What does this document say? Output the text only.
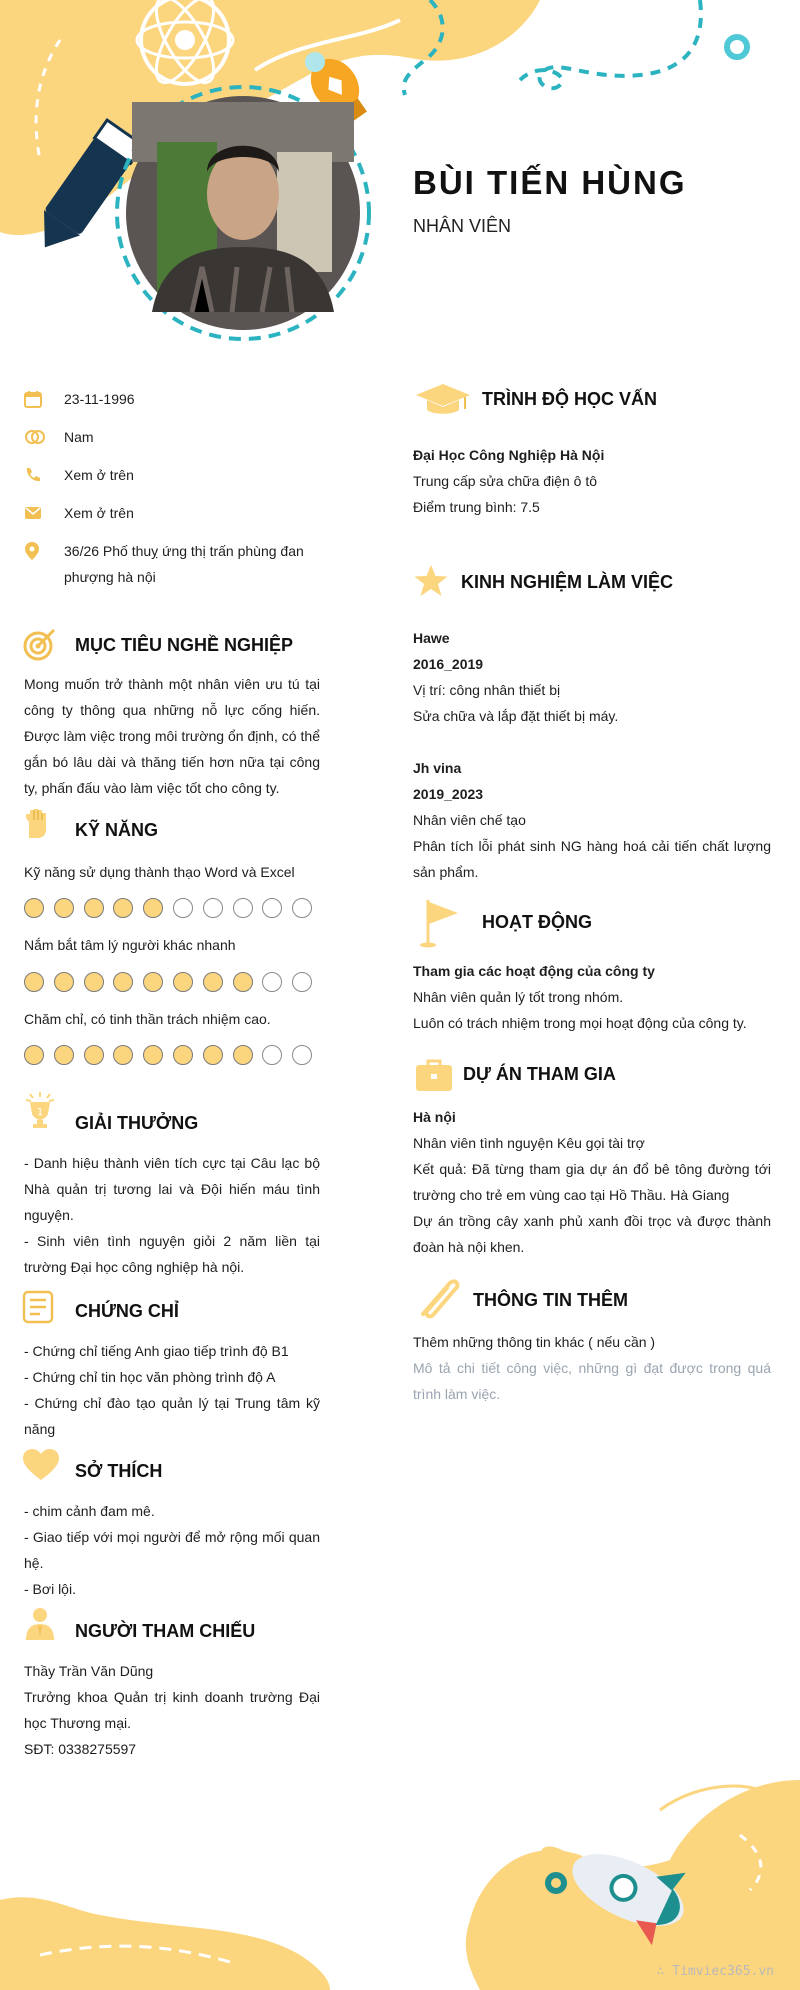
BÙI TIẾN HÙNG
NHÂN VIÊN
23-11-1996
Nam
Xem ở trên
Xem ở trên
36/26 Phố thuỵ ứng thị trấn phùng đan phượng hà nội
MỤC TIÊU NGHỀ NGHIỆP
Mong muốn trở thành một nhân viên ưu tú tại công ty thông qua những nỗ lực cống hiến. Được làm việc trong môi trường ổn định, có thể gắn bó lâu dài và thăng tiến hơn nữa tại công ty, phấn đấu vào làm việc tốt cho công ty.
KỸ NĂNG
Kỹ năng sử dụng thành thạo Word và Excel
Nắm bắt tâm lý người khác nhanh
Chăm chỉ, có tinh thần trách nhiệm cao.
1
GIẢI THƯỞNG
- Danh hiệu thành viên tích cực tại Câu lạc bộ Nhà quản trị tương lai và Đội hiến máu tình nguyện.
- Sinh viên tình nguyện giỏi 2 năm liền tại trường Đại học công nghiệp hà nội.
CHỨNG CHỈ
- Chứng chỉ tiếng Anh giao tiếp trình độ B1
- Chứng chỉ tin học văn phòng trình độ A
- Chứng chỉ đào tạo quản lý tại Trung tâm kỹ năng
SỞ THÍCH
- chim cảnh đam mê.
- Giao tiếp với mọi người để mở rộng mối quan hệ.
- Bơi lội.
NGƯỜI THAM CHIẾU
Thầy Trần Văn Dũng
Trưởng khoa Quản trị kinh doanh trường Đại học Thương mại.
SĐT: 0338275597
TRÌNH ĐỘ HỌC VẤN
Đại Học Công Nghiệp Hà Nội
Trung cấp sửa chữa điện ô tô
Điểm trung bình: 7.5
KINH NGHIỆM LÀM VIỆC
Hawe
2016_2019
Vị trí: công nhân thiết bị
Sửa chữa và lắp đặt thiết bị máy.
Jh vina
2019_2023
Nhân viên chế tạo
Phân tích lỗi phát sinh NG hàng hoá cải tiến chất lượng sản phẩm.
HOẠT ĐỘNG
Tham gia các hoạt động của công ty
Nhân viên quản lý tốt trong nhóm.
Luôn có trách nhiệm trong mọi hoạt động của công ty.
DỰ ÁN THAM GIA
Hà nội
Nhân viên tình nguyện Kêu gọi tài trợ
Kết quả: Đã từng tham gia dự án đổ bê tông đường tới trường cho trẻ em vùng cao tại Hồ Thầu. Hà Giang
Dự án trồng cây xanh phủ xanh đồi trọc và được thành đoàn hà nội khen.
THÔNG TIN THÊM
Thêm những thông tin khác ( nếu cần )
Mô tả chi tiết công việc, những gì đạt được trong quá trình làm việc.
∴ Timviec365.vn
